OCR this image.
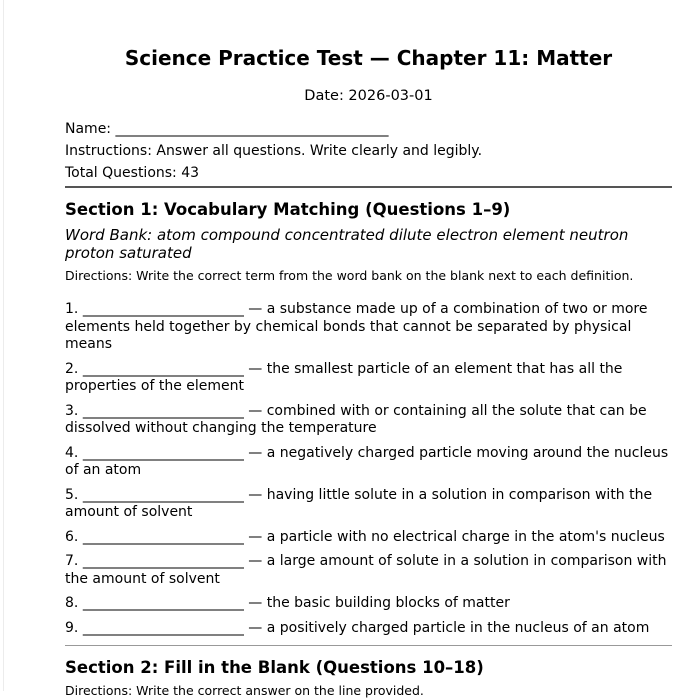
Science Practice Test — Chapter 11: Matter

Date: 2026-03-01

Name: _______________________________________

Instructions: Answer all questions. Write clearly and legibly.

Total Questions: 43

Section 1: Vocabulary Matching (Questions 1–9)

Word Bank: atom compound concentrated dilute electron element neutron proton saturated

Directions: Write the correct term from the word bank on the blank next to each definition.

1. _______________________ — a substance made up of a combination of two or more elements held together by chemical bonds that cannot be separated by physical means

2. _______________________ — the smallest particle of an element that has all the properties of the element

3. _______________________ — combined with or containing all the solute that can be dissolved without changing the temperature

4. _______________________ — a negatively charged particle moving around the nucleus of an atom

5. _______________________ — having little solute in a solution in comparison with the amount of solvent

6. _______________________ — a particle with no electrical charge in the atom's nucleus

7. _______________________ — a large amount of solute in a solution in comparison with the amount of solvent

8. _______________________ — the basic building blocks of matter

9. _______________________ — a positively charged particle in the nucleus of an atom

Section 2: Fill in the Blank (Questions 10–18)

Directions: Write the correct answer on the line provided.
